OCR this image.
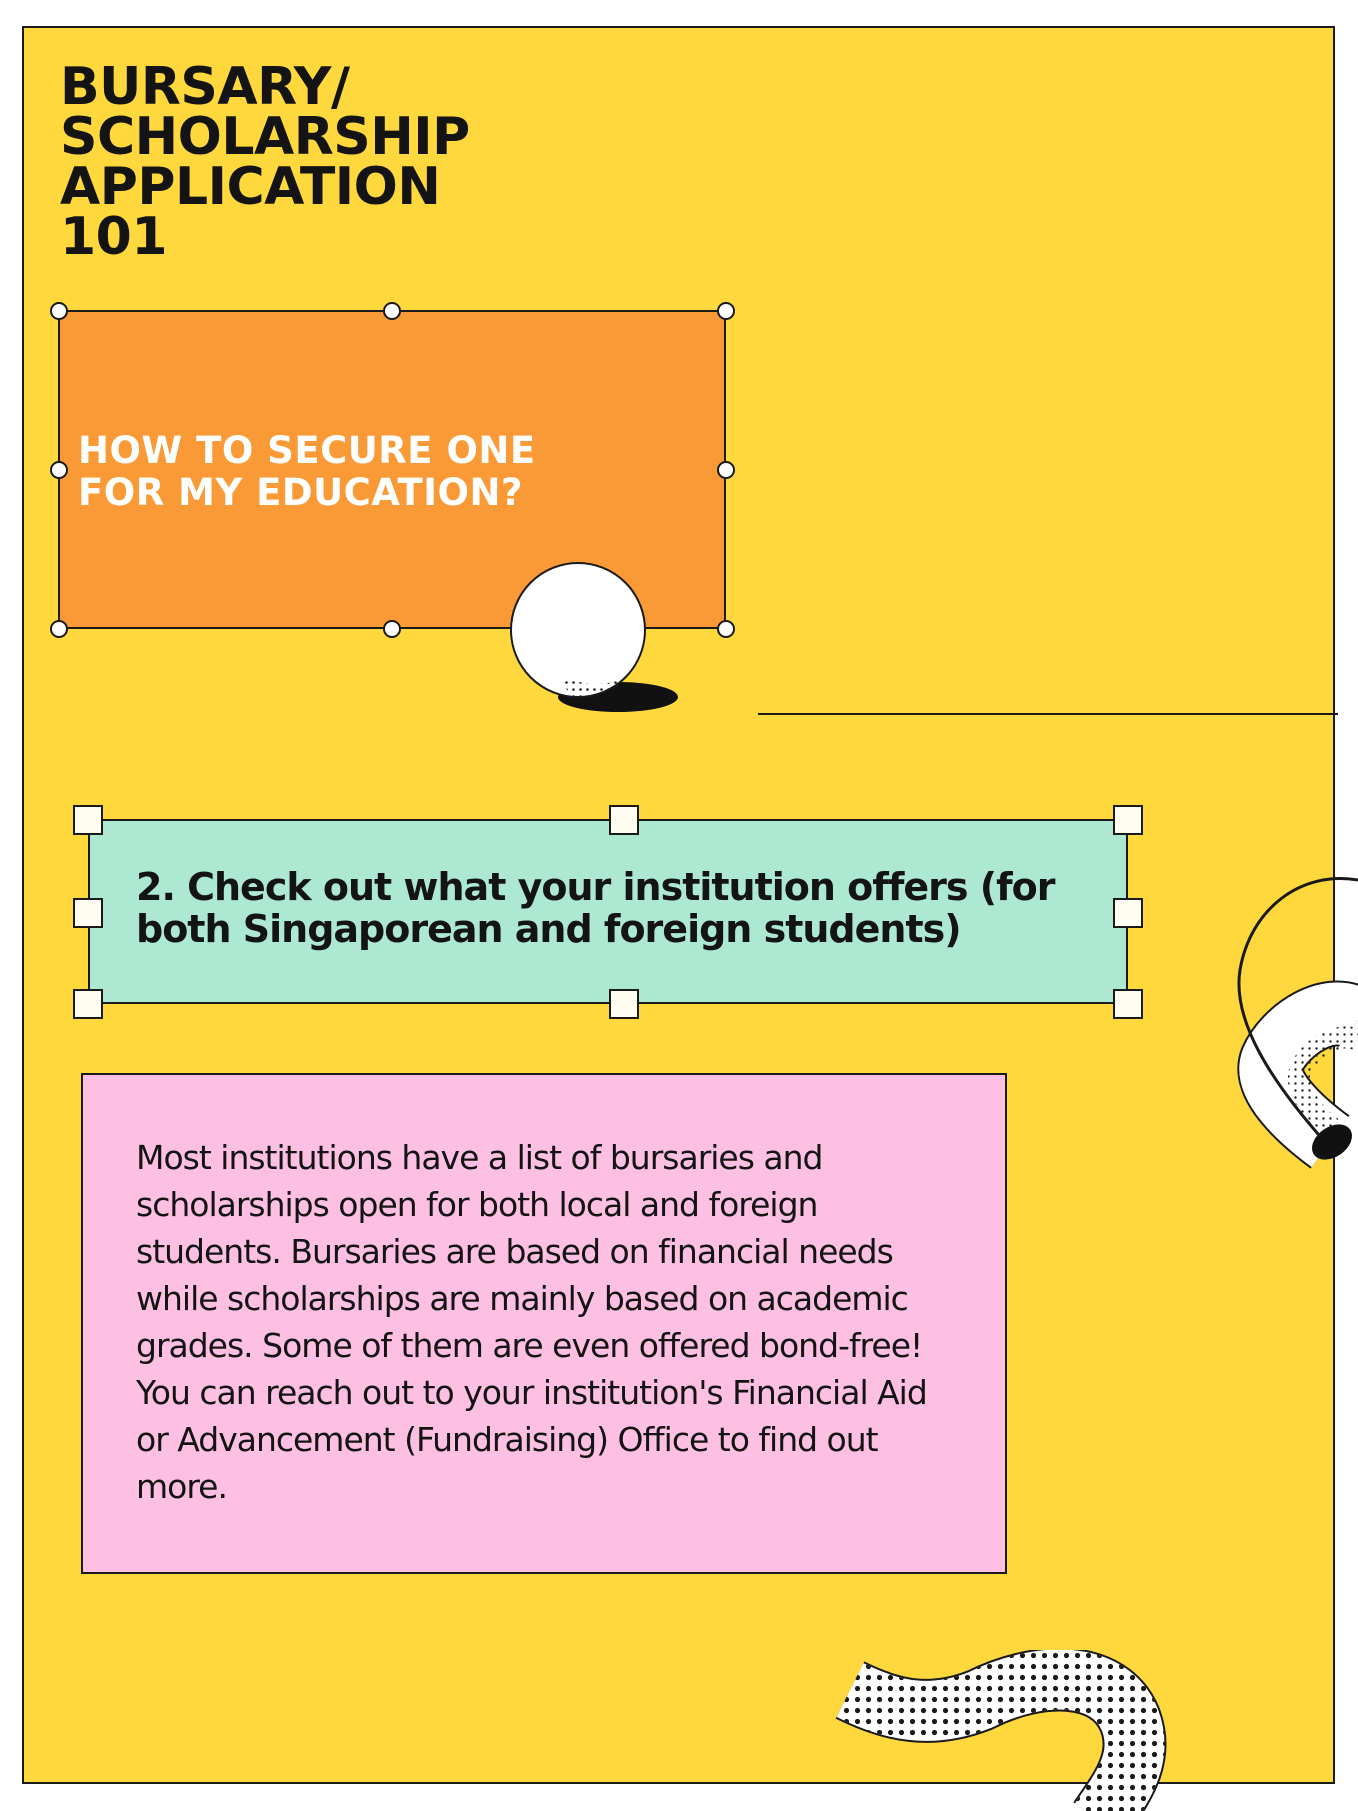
BURSARY/
SCHOLARSHIP
APPLICATION
101
HOW TO SECURE ONE
FOR MY EDUCATION?
2. Check out what your institution offers (for both Singaporean and foreign students)
Most institutions have a list of bursaries and scholarships open for both local and foreign students. Bursaries are based on financial needs while scholarships are mainly based on academic grades. Some of them are even offered bond-free! You can reach out to your institution's Financial Aid or Advancement (Fundraising) Office to find out more.
